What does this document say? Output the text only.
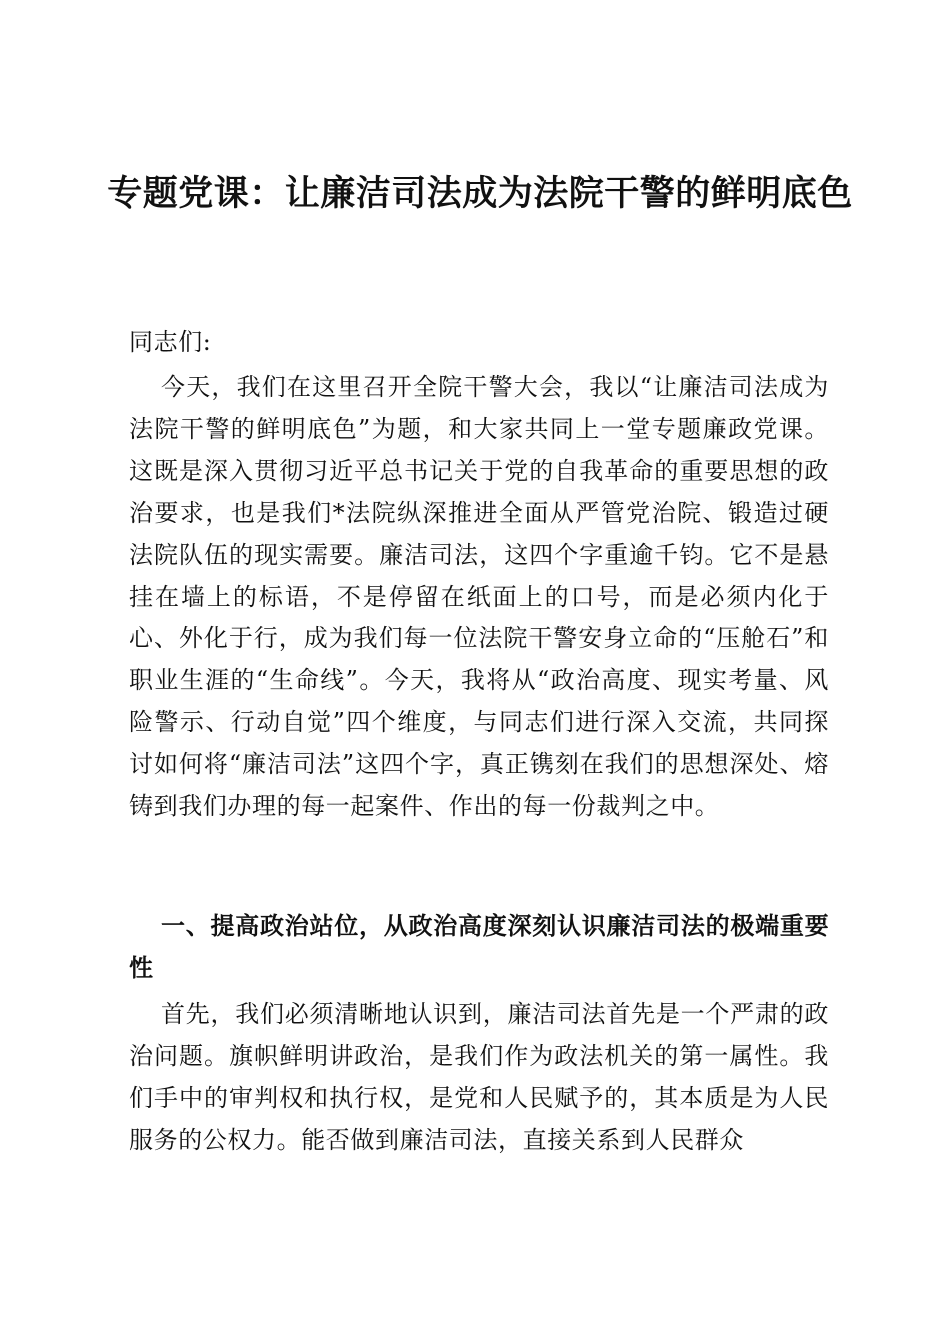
专题党课：让廉洁司法成为法院干警的鲜明底色

同志们:

今天，我们在这里召开全院干警大会，我以“让廉洁司法成为法院干警的鲜明底色”为题，和大家共同上一堂专题廉政党课。这既是深入贯彻习近平总书记关于党的自我革命的重要思想的政治要求，也是我们*法院纵深推进全面从严管党治院、锻造过硬法院队伍的现实需要。廉洁司法，这四个字重逾千钧。它不是悬挂在墙上的标语，不是停留在纸面上的口号，而是必须内化于心、外化于行，成为我们每一位法院干警安身立命的“压舱石”和职业生涯的“生命线”。今天，我将从“政治高度、现实考量、风险警示、行动自觉”四个维度，与同志们进行深入交流，共同探讨如何将“廉洁司法”这四个字，真正镌刻在我们的思想深处、熔铸到我们办理的每一起案件、作出的每一份裁判之中。

一、提高政治站位，从政治高度深刻认识廉洁司法的极端重要性

首先，我们必须清晰地认识到，廉洁司法首先是一个严肃的政治问题。旗帜鲜明讲政治，是我们作为政法机关的第一属性。我们手中的审判权和执行权，是党和人民赋予的，其本质是为人民服务的公权力。能否做到廉洁司法，直接关系到人民群众
